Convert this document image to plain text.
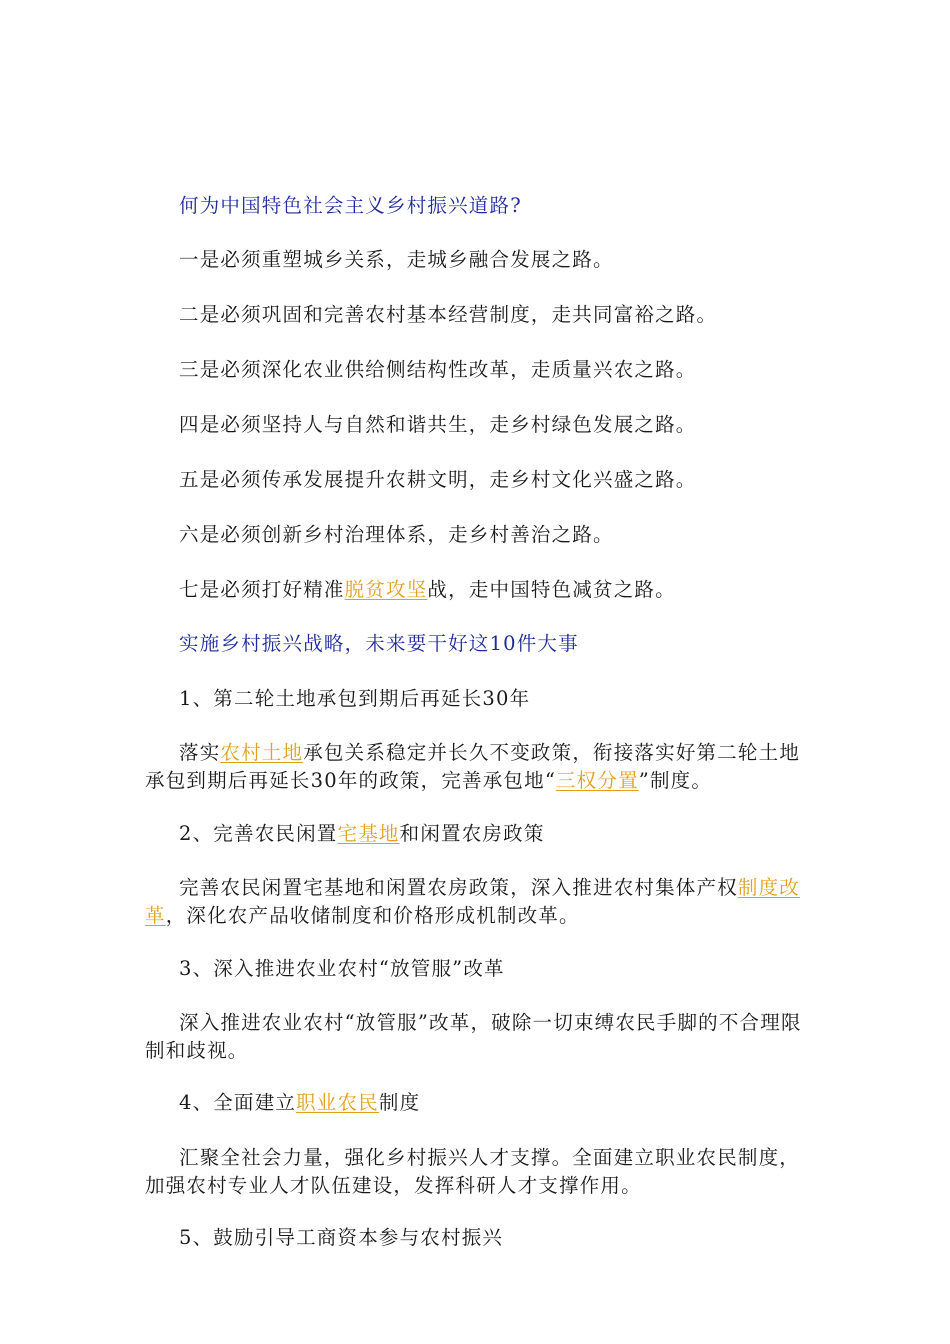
何为中国特色社会主义乡村振兴道路?

一是必须重塑城乡关系，走城乡融合发展之路。

二是必须巩固和完善农村基本经营制度，走共同富裕之路。

三是必须深化农业供给侧结构性改革，走质量兴农之路。

四是必须坚持人与自然和谐共生，走乡村绿色发展之路。

五是必须传承发展提升农耕文明，走乡村文化兴盛之路。

六是必须创新乡村治理体系，走乡村善治之路。

七是必须打好精准脱贫攻坚战，走中国特色减贫之路。

实施乡村振兴战略，未来要干好这10件大事

1、第二轮土地承包到期后再延长30年

落实农村土地承包关系稳定并长久不变政策，衔接落实好第二轮土地承包到期后再延长30年的政策，完善承包地“三权分置”制度。

2、完善农民闲置宅基地和闲置农房政策

完善农民闲置宅基地和闲置农房政策，深入推进农村集体产权制度改革，深化农产品收储制度和价格形成机制改革。

3、深入推进农业农村“放管服”改革

深入推进农业农村“放管服”改革，破除一切束缚农民手脚的不合理限制和歧视。

4、全面建立职业农民制度

汇聚全社会力量，强化乡村振兴人才支撑。全面建立职业农民制度，加强农村专业人才队伍建设，发挥科研人才支撑作用。

5、鼓励引导工商资本参与农村振兴
